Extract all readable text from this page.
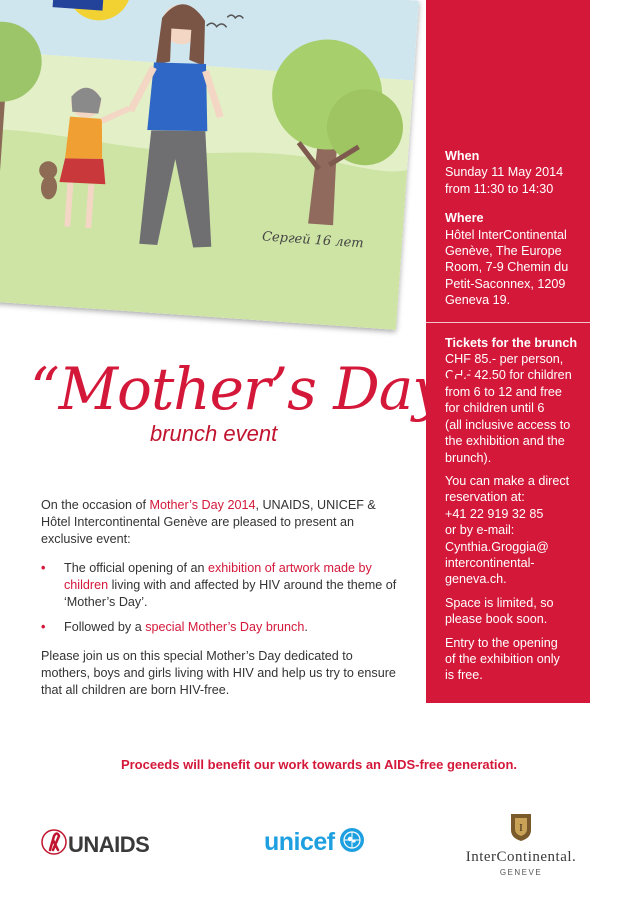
Сергей 16 лет
When
Sunday 11 May 2014
from 11:30 to 14:30
Where
Hôtel InterContinental
Genève, The Europe
Room, 7-9 Chemin du
Petit-Saconnex, 1209
Geneva 19.

Tickets for the brunch
CHF 85.- per person,
CHF 42.50 for children
from 6 to 12 and free
for children until 6
(all inclusive access to
the exhibition and the
brunch).

You can make a direct
reservation at:
+41 22 919 32 85
or by e-mail:
Cynthia.Groggia@
intercontinental-
geneva.ch.

Space is limited, so
please book soon.

Entry to the opening
of the exhibition only
is free.

“Mother’s Day”
brunch event

On the occasion of Mother’s Day 2014, UNAIDS, UNICEF & Hôtel Intercontinental Genève are pleased to present an exclusive event:

• The official opening of an exhibition of artwork made by children living with and affected by HIV around the theme of ‘Mother’s Day’.
• Followed by a special Mother’s Day brunch.

Please join us on this special Mother’s Day dedicated to mothers, boys and girls living with HIV and help us try to ensure that all children are born HIV-free.

Proceeds will benefit our work towards an AIDS-free generation.
UNAIDS	unicef	I
InterContinental.
GENEVE
